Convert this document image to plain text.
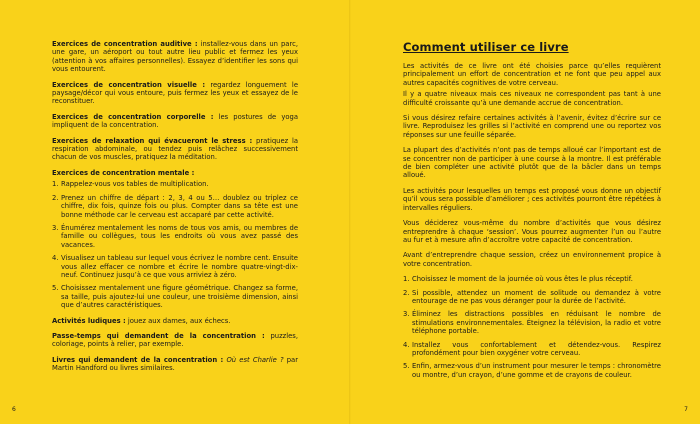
Exercices de concentration auditive : installez-vous dans un parc, une gare, un aéroport ou tout autre lieu public et fermez les yeux (attention à vos affaires personnelles). Essayez d’identifier les sons qui vous entourent.

Exercices de concentration visuelle : regardez longuement le paysage/décor qui vous entoure, puis fermez les yeux et essayez de le reconstituer.

Exercices de concentration corporelle : les postures de yoga impliquent de la concentration.

Exercices de relaxation qui évacueront le stress : pratiquez la respiration abdominale, ou tendez puis relâchez successivement chacun de vos muscles, pratiquez la méditation.

Exercices de concentration mentale :

1. Rappelez-vous vos tables de multiplication.
2. Prenez un chiffre de départ : 2, 3, 4 ou 5… doublez ou triplez ce chiffre, dix fois, quinze fois ou plus. Compter dans sa tête est une bonne méthode car le cerveau est accaparé par cette activité.
3. Énumérez mentalement les noms de tous vos amis, ou membres de famille ou collègues, tous les endroits où vous avez passé des vacances.
4. Visualisez un tableau sur lequel vous écrivez le nombre cent. Ensuite vous allez effacer ce nombre et écrire le nombre quatre-vingt-dix-neuf. Continuez jusqu’à ce que vous arriviez à zéro.
5. Choisissez mentalement une figure géométrique. Changez sa forme, sa taille, puis ajoutez-lui une couleur, une troisième dimension, ainsi que d’autres caractéristiques.

Activités ludiques : jouez aux dames, aux échecs.

Passe-temps qui demandent de la concentration : puzzles, coloriage, points à relier, par exemple.

Livres qui demandent de la concentration : Où est Charlie ? par Martin Handford ou livres similaires.

6
Comment utiliser ce livre

Les activités de ce livre ont été choisies parce qu’elles requièrent principalement un effort de concentration et ne font que peu appel aux autres capacités cognitives de votre cerveau.

Il y a quatre niveaux mais ces niveaux ne correspondent pas tant à une difficulté croissante qu’à une demande accrue de concentration.

Si vous désirez refaire certaines activités à l’avenir, évitez d’écrire sur ce livre. Reproduisez les grilles si l’activité en comprend une ou reportez vos réponses sur une feuille séparée.

La plupart des d’activités n’ont pas de temps alloué car l’important est de se concentrer non de participer à une course à la montre. Il est préférable de bien compléter une activité plutôt que de la bâcler dans un temps alloué.

Les activités pour lesquelles un temps est proposé vous donne un objectif qu’il vous sera possible d’améliorer ; ces activités pourront être répétées à intervalles réguliers.

Vous déciderez vous-même du nombre d’activités que vous désirez entreprendre à chaque ‘session’. Vous pourrez augmenter l’un ou l’autre au fur et à mesure afin d’accroître votre capacité de concentration.

Avant d’entreprendre chaque session, créez un environnement propice à votre concentration.

1. Choisissez le moment de la journée où vous êtes le plus réceptif.
2. Si possible, attendez un moment de solitude ou demandez à votre entourage de ne pas vous déranger pour la durée de l’activité.
3. Éliminez les distractions possibles en réduisant le nombre de stimulations environnementales. Éteignez la télévision, la radio et votre téléphone portable.
4. Installez vous confortablement et détendez-vous. Respirez profondément pour bien oxygéner votre cerveau.
5. Enfin, armez-vous d’un instrument pour mesurer le temps : chronomètre ou montre, d’un crayon, d’une gomme et de crayons de couleur.
7
